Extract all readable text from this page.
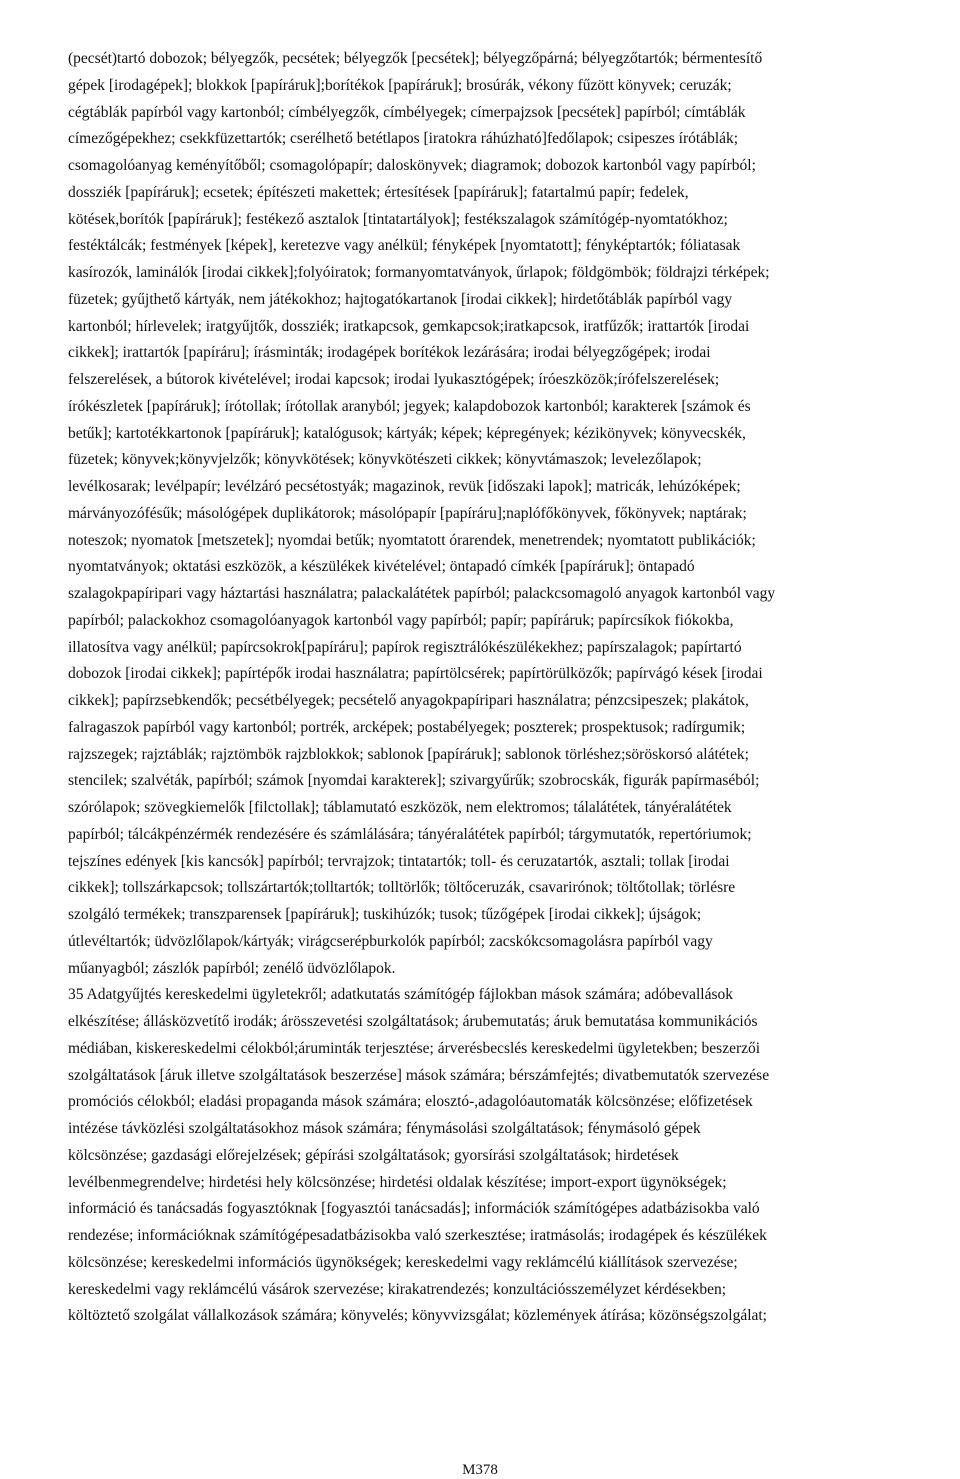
Szabadalmi Közlöny és Védjegyértesítő 118. évfolyam 4. szám, 2013.02.28.
Nemzeti védjegybejelentés meghirdetése és a védjegy lajstromozása különleges gyorsított eljárásban
(pecsét)tartó dobozok; bélyegzők, pecsétek; bélyegzők [pecsétek]; bélyegzőpárná; bélyegzőtartók; bérmentesítő
gépek [irodagépek]; blokkok [papíráruk];borítékok [papíráruk]; brosúrák, vékony fűzött könyvek; ceruzák;
cégtáblák papírból vagy kartonból; címbélyegzők, címbélyegek; címerpajzsok [pecsétek] papírból; címtáblák
címezőgépekhez; csekkfüzettartók; cserélhető betétlapos [iratokra ráhúzható]fedőlapok; csipeszes írótáblák;
csomagolóanyag keményítőből; csomagolópapír; daloskönyvek; diagramok; dobozok kartonból vagy papírból;
dossziék [papíráruk]; ecsetek; építészeti makettek; értesítések [papíráruk]; fatartalmú papír; fedelek,
kötések,borítók [papíráruk]; festékező asztalok [tintatartályok]; festékszalagok számítógép-nyomtatókhoz;
festéktálcák; festmények [képek], keretezve vagy anélkül; fényképek [nyomtatott]; fényképtartók; fóliatasak
kasírozók, laminálók [irodai cikkek];folyóiratok; formanyomtatványok, űrlapok; földgömbök; földrajzi térképek;
füzetek; gyűjthető kártyák, nem játékokhoz; hajtogatókartanok [irodai cikkek]; hirdetőtáblák papírból vagy
kartonból; hírlevelek; iratgyűjtők, dossziék; iratkapcsok, gemkapcsok;iratkapcsok, iratfűzők; irattartók [irodai
cikkek]; irattartók [papíráru]; írásminták; irodagépek borítékok lezárására; irodai bélyegzőgépek; irodai
felszerelések, a bútorok kivételével; irodai kapcsok; irodai lyukasztógépek; íróeszközök;írófelszerelések;
írókészletek [papíráruk]; írótollak; írótollak aranyból; jegyek; kalapdobozok kartonból; karakterek [számok és
betűk]; kartotékkartonok [papíráruk]; katalógusok; kártyák; képek; képregények; kézikönyvek; könyvecskék,
füzetek; könyvek;könyvjelzők; könyvkötések; könyvkötészeti cikkek; könyvtámaszok; levelezőlapok;
levélkosarak; levélpapír; levélzáró pecsétostyák; magazinok, revük [időszaki lapok]; matricák, lehúzóképek;
márványozófésűk; másológépek duplikátorok; másolópapír [papíráru];naplófőkönyvek, főkönyvek; naptárak;
noteszok; nyomatok [metszetek]; nyomdai betűk; nyomtatott órarendek, menetrendek; nyomtatott publikációk;
nyomtatványok; oktatási eszközök, a készülékek kivételével; öntapadó címkék [papíráruk]; öntapadó
szalagokpapíripari vagy háztartási használatra; palackalátétek papírból; palackcsomagoló anyagok kartonból vagy
papírból; palackokhoz csomagolóanyagok kartonból vagy papírból; papír; papíráruk; papírcsíkok fiókokba,
illatosítva vagy anélkül; papírcsokrok[papíráru]; papírok regisztrálókészülékekhez; papírszalagok; papírtartó
dobozok [irodai cikkek]; papírtépők irodai használatra; papírtölcsérek; papírtörülközők; papírvágó kések [irodai
cikkek]; papírzsebkendők; pecsétbélyegek; pecsételő anyagokpapíripari használatra; pénzcsipeszek; plakátok,
falragaszok papírból vagy kartonból; portrék, arcképek; postabélyegek; poszterek; prospektusok; radírgumik;
rajzszegek; rajztáblák; rajztömbök rajzblokkok; sablonok [papíráruk]; sablonok törléshez;söröskorsó alátétek;
stencilek; szalvéták, papírból; számok [nyomdai karakterek]; szivargyűrűk; szobrocskák, figurák papírmaséból;
szórólapok; szövegkiemelők [filctollak]; táblamutató eszközök, nem elektromos; tálalátétek, tányéralátétek
papírból; tálcákpénzérmék rendezésére és számlálására; tányéralátétek papírból; tárgymutatók, repertóriumok;
tejszínes edények [kis kancsók] papírból; tervrajzok; tintatartók; toll- és ceruzatartók, asztali; tollak [irodai
cikkek]; tollszárkapcsok; tollszártartók;tolltartók; tolltörlők; töltőceruzák, csavarirónok; töltőtollak; törlésre
szolgáló termékek; transzparensek [papíráruk]; tuskihúzók; tusok; tűzőgépek [irodai cikkek]; újságok;
útlevéltartók; üdvözlőlapok/kártyák; virágcserépburkolók papírból; zacskókcsomagolásra papírból vagy
műanyagból; zászlók papírból; zenélő üdvözlőlapok.
35 Adatgyűjtés kereskedelmi ügyletekről; adatkutatás számítógép fájlokban mások számára; adóbevallások
elkészítése; állásközvetítő irodák; árösszevetési szolgáltatások; árubemutatás; áruk bemutatása kommunikációs
médiában, kiskereskedelmi célokból;áruminták terjesztése; árverésbecslés kereskedelmi ügyletekben; beszerzői
szolgáltatások [áruk illetve szolgáltatások beszerzése] mások számára; bérszámfejtés; divatbemutatók szervezése
promóciós célokból; eladási propaganda mások számára; elosztó-,adagolóautomaták kölcsönzése; előfizetések
intézése távközlési szolgáltatásokhoz mások számára; fénymásolási szolgáltatások; fénymásoló gépek
kölcsönzése; gazdasági előrejelzések; gépírási szolgáltatások; gyorsírási szolgáltatások; hirdetések
levélbenmegrendelve; hirdetési hely kölcsönzése; hirdetési oldalak készítése; import-export ügynökségek;
információ és tanácsadás fogyasztóknak [fogyasztói tanácsadás]; információk számítógépes adatbázisokba való
rendezése; információknak számítógépesadatbázisokba való szerkesztése; iratmásolás; irodagépek és készülékek
kölcsönzése; kereskedelmi információs ügynökségek; kereskedelmi vagy reklámcélú kiállítások szervezése;
kereskedelmi vagy reklámcélú vásárok szervezése; kirakatrendezés; konzultációsszemélyzet kérdésekben;
költöztető szolgálat vállalkozások számára; könyvelés; könyvvizsgálat; közlemények átírása; közönségszolgálat;
M378
